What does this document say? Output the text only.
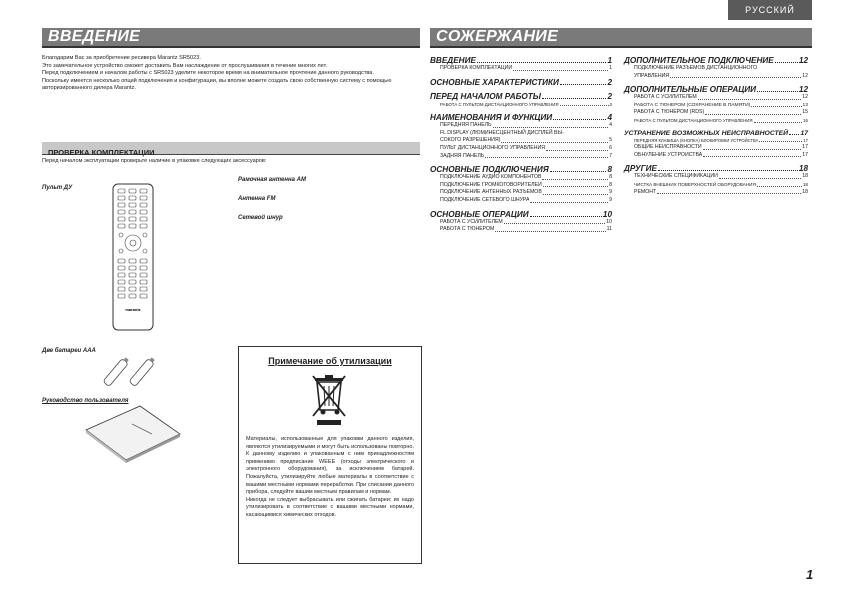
РУССКИЙ
ВВЕДЕНИЕ
Благодарим Вас за приобретение ресивера Marantz SR5023.
Это замечательное устройство сможет доставить Вам наслаждение от прослушивания в течение многих лет.
Перед подключением и началом работы с SR5023 уделите некоторое время на внимательное прочтение данного руководства.
Поскольку имеется несколько опций подключения и конфигурации, вы вполне можете создать свою собственную систему с помощью авторизированного дилера Marantz.
ПРОВЕРКА КОМПЛЕКТАЦИИ
Перед началом эксплуатации проверьте наличие в упаковке следующих аксессуаров:
Пульт ДУ
Рамочная антенна AM
Антенна FM
Сетевой шнур
marantz
Две батареи AAA
Руководство пользователя
Примечание об утилизации
Материалы, использованные для упаковки данного изделия, являются утилизируемыми и могут быть использованы повторно. К данному изделию и упакованным с ним принадлежностям применимо предписание WEEE (отходы электрического и электронного оборудования), за исключением батарей. Пожалуйста, утилизируйте любые материалы в соответствие с вашими местными нормами переработки. При списании данного прибора, следуйте вашим местным правилам и нормам.
Никогда не следует выбрасывать или сжигать батареи; их надо утилизировать в соответствие с вашими местными нормами, касающимися химических отходов.
СОЖЕРЖАНИЕ
ВВЕДЕНИЕ	1
ПРОВЕРКА КОМПЛЕКТАЦИИ	1
ОСНОВНЫЕ ХАРАКТЕРИСТИКИ	2
ПЕРЕД НАЧАЛОМ РАБОТЫ	2
РАБОТА С ПУЛЬТОМ ДИСТАНЦИОННОГО УПРАВЛЕНИЯ	3
НАИМЕНОВАНИЯ И ФУНКЦИИ	4
ПЕРЕДНЯЯ ПАНЕЛЬ	4
FL DISPLAY (ЛЮМИНЕСЦЕНТНЫЙ ДИСПЛЕЙ ВЫ-
СОКОГО РАЗРЕШЕНИЯ)	5
ПУЛЬТ ДИСТАНЦИОННОГО УПРАВЛЕНИЯ	6
ЗАДНЯЯ ПАНЕЛЬ	7
ОСНОВНЫЕ ПОДКЛЮЧЕНИЯ	8
ПОДКЛЮЧЕНИЕ АУДИО КОМПОНЕНТОВ	8
ПОДКЛЮЧЕНИЕ ГРОМКОГОВОРИТЕЛЕЙ	8
ПОДКЛЮЧЕНИЕ АНТЕННЫХ РАЗЪЕМОВ	9
ПОДКЛЮЧЕНИЕ СЕТЕВОГО ШНУРА	9
ОСНОВНЫЕ ОПЕРАЦИИ	10
РАБОТА С УСИЛИТЕЛЕМ	10
РАБОТА С ТЮНЕРОМ	11
ДОПОЛНИТЕЛЬНОЕ ПОДКЛЮЧЕНИЕ	12
ПОДКЛЮЧЕНИЕ РАЗЪЕМОВ ДИСТАНЦИОННОГО
УПРАВЛЕНИЯ	12
ДОПОЛНИТЕЛЬНЫЕ ОПЕРАЦИИ	12
РАБОТА С УСИЛИТЕЛЕМ	12
РАБОТА С ТЮНЕРОМ (СОХРАНЕНИЕ В ПАМЯТИ)	13
РАБОТА С ТЮНЕРОМ (RDS)	15
РАБОТА С ПУЛЬТОМ ДИСТАНЦИОННОГО УПРАВЛЕНИЯ	16
УСТРАНЕНИЕ ВОЗМОЖНЫХ НЕИСПРАВНОСТЕЙ 17
ПЕРЕДНЯЯ КЛАВИША (КНОПКА) БЛОКИРОВКИ УСТРОЙСТВА	17
ОБЩИЕ НЕИСПРАВНОСТИ	17
ОБНУЛЕНИЕ УСТРОЙСТВА	17
ДРУГИЕ	18
ТЕХНИЧЕСКИЕ СПЕЦИФИКАЦИИ	18
ЧИСТКА ВНЕШНИХ ПОВЕРХНОСТЕЙ ОБОРУДОВАНИЯ	18
РЕМОНТ	18
1
